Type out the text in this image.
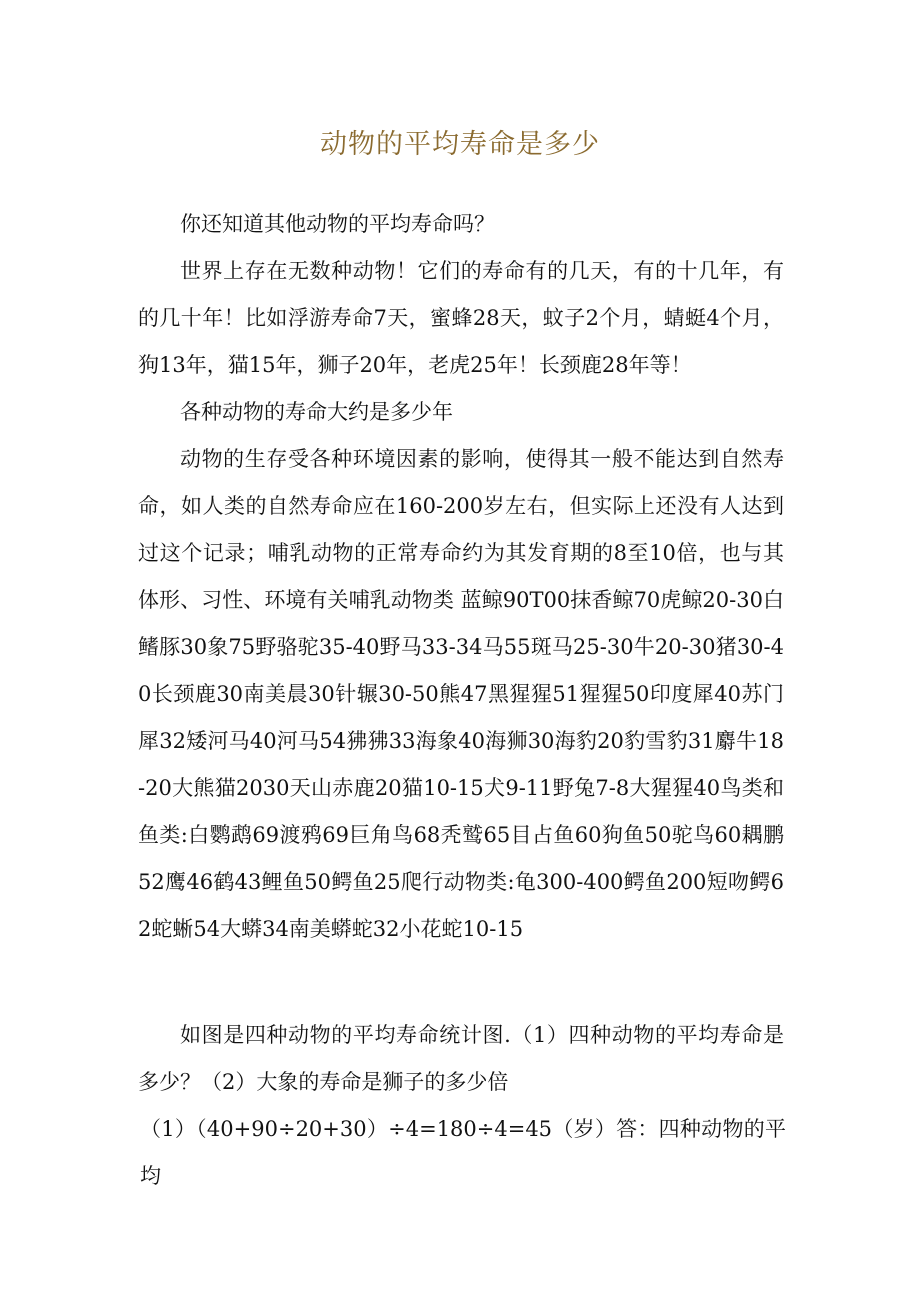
动物的平均寿命是多少

你还知道其他动物的平均寿命吗？

世界上存在无数种动物！它们的寿命有的几天，有的十几年，有的几十年！比如浮游寿命7天，蜜蜂28天，蚊子2个月，蜻蜓4个月，狗13年，猫15年，狮子20年，老虎25年！长颈鹿28年等！

各种动物的寿命大约是多少年

动物的生存受各种环境因素的影响，使得其一般不能达到自然寿命，如人类的自然寿命应在160-200岁左右，但实际上还没有人达到过这个记录；哺乳动物的正常寿命约为其发育期的8至10倍，也与其体形、习性、环境有关哺乳动物类 蓝鲸90T00抹香鲸70虎鲸20-30白鳍豚30象75野骆驼35-40野马33-34马55斑马25-30牛20-30猪30-40长颈鹿30南美晨30针辗30-50熊47黑猩猩51猩猩50印度犀40苏门犀32矮河马40河马54狒狒33海象40海狮30海豹20豹雪豹31麝牛18-20大熊猫2030天山赤鹿20猫10-15犬9-11野兔7-8大猩猩40鸟类和鱼类:白鹦鹉69渡鸦69巨角鸟68秃鹫65目占鱼60狗鱼50驼鸟60耦鹏52鹰46鹤43鲤鱼50鳄鱼25爬行动物类:龟300-400鳄鱼200短吻鳄62蛇蜥54大蟒34南美蟒蛇32小花蛇10-15

如图是四种动物的平均寿命统计图.（1）四种动物的平均寿命是多少？（2）大象的寿命是狮子的多少倍

（1）（40+90÷20+30）÷4=180÷4=45（岁）答：四种动物的平均
